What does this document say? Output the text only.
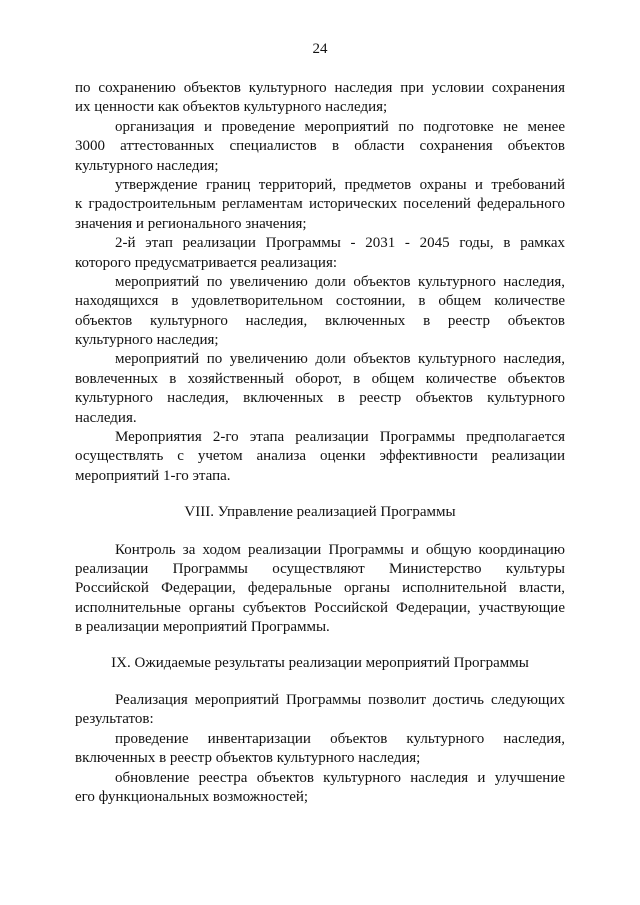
24
по сохранению объектов культурного наследия при условии сохранения
их ценности как объектов культурного наследия;
организация и проведение мероприятий по подготовке не менее
3000 аттестованных специалистов в области сохранения объектов
культурного наследия;
утверждение границ территорий, предметов охраны и требований
к градостроительным регламентам исторических поселений федерального
значения и регионального значения;
2-й этап реализации Программы - 2031 - 2045 годы, в рамках
которого предусматривается реализация:
мероприятий по увеличению доли объектов культурного наследия,
находящихся в удовлетворительном состоянии, в общем количестве
объектов культурного наследия, включенных в реестр объектов
культурного наследия;
мероприятий по увеличению доли объектов культурного наследия,
вовлеченных в хозяйственный оборот, в общем количестве объектов
культурного наследия, включенных в реестр объектов культурного
наследия.
Мероприятия 2-го этапа реализации Программы предполагается
осуществлять с учетом анализа оценки эффективности реализации
мероприятий 1-го этапа.
VIII. Управление реализацией Программы
Контроль за ходом реализации Программы и общую координацию
реализации Программы осуществляют Министерство культуры
Российской Федерации, федеральные органы исполнительной власти,
исполнительные органы субъектов Российской Федерации, участвующие
в реализации мероприятий Программы.
IX. Ожидаемые результаты реализации мероприятий Программы
Реализация мероприятий Программы позволит достичь следующих
результатов:
проведение инвентаризации объектов культурного наследия,
включенных в реестр объектов культурного наследия;
обновление реестра объектов культурного наследия и улучшение
его функциональных возможностей;
